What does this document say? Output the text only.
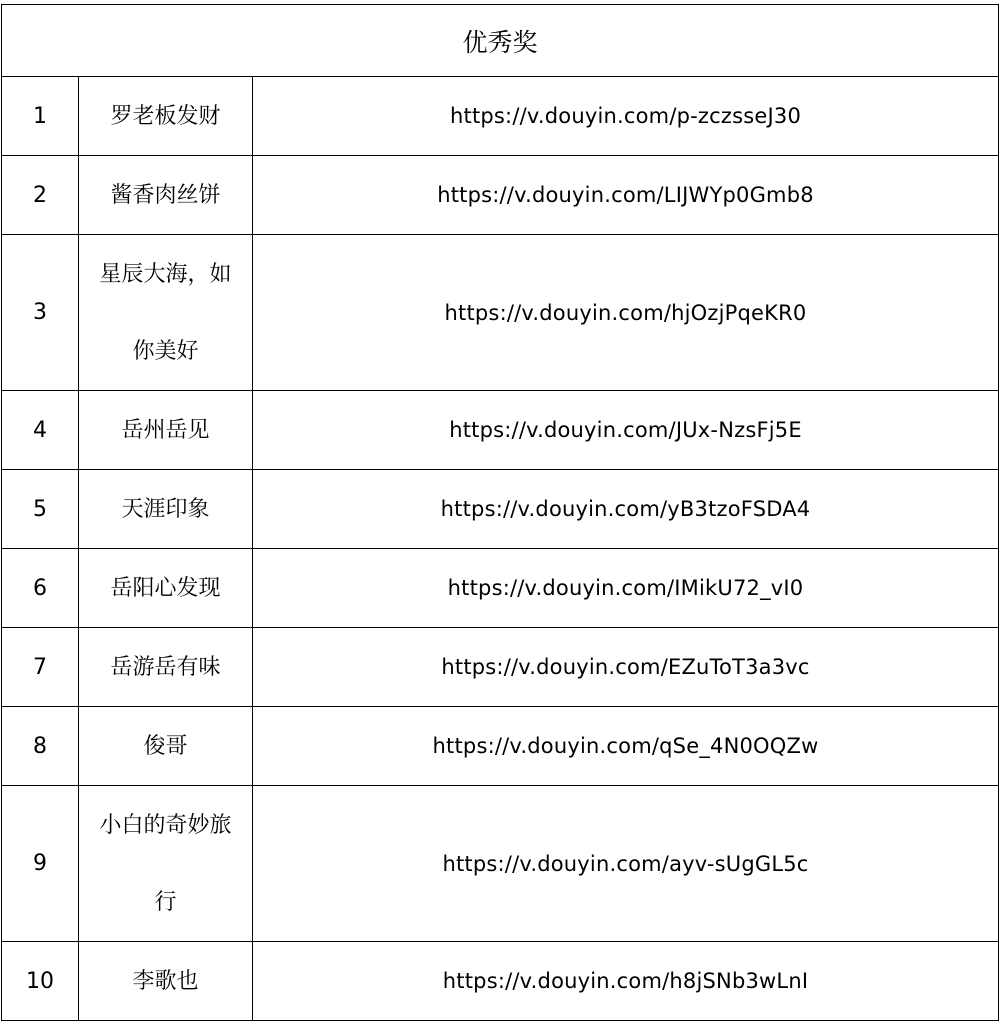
优秀奖		
1	罗老板发财	https://v.douyin.com/p-zczsseJ30
2	酱香肉丝饼	https://v.douyin.com/LIJWYp0Gmb8
3	星辰大海，如你美好	https://v.douyin.com/hjOzjPqeKR0
4	岳州岳见	https://v.douyin.com/JUx-NzsFj5E
5	天涯印象	https://v.douyin.com/yB3tzoFSDA4
6	岳阳心发现	https://v.douyin.com/IMikU72_vI0
7	岳游岳有味	https://v.douyin.com/EZuToT3a3vc
8	俊哥	https://v.douyin.com/qSe_4N0OQZw
9	小白的奇妙旅行	https://v.douyin.com/ayv-sUgGL5c
10	李歌也	https://v.douyin.com/h8jSNb3wLnI
